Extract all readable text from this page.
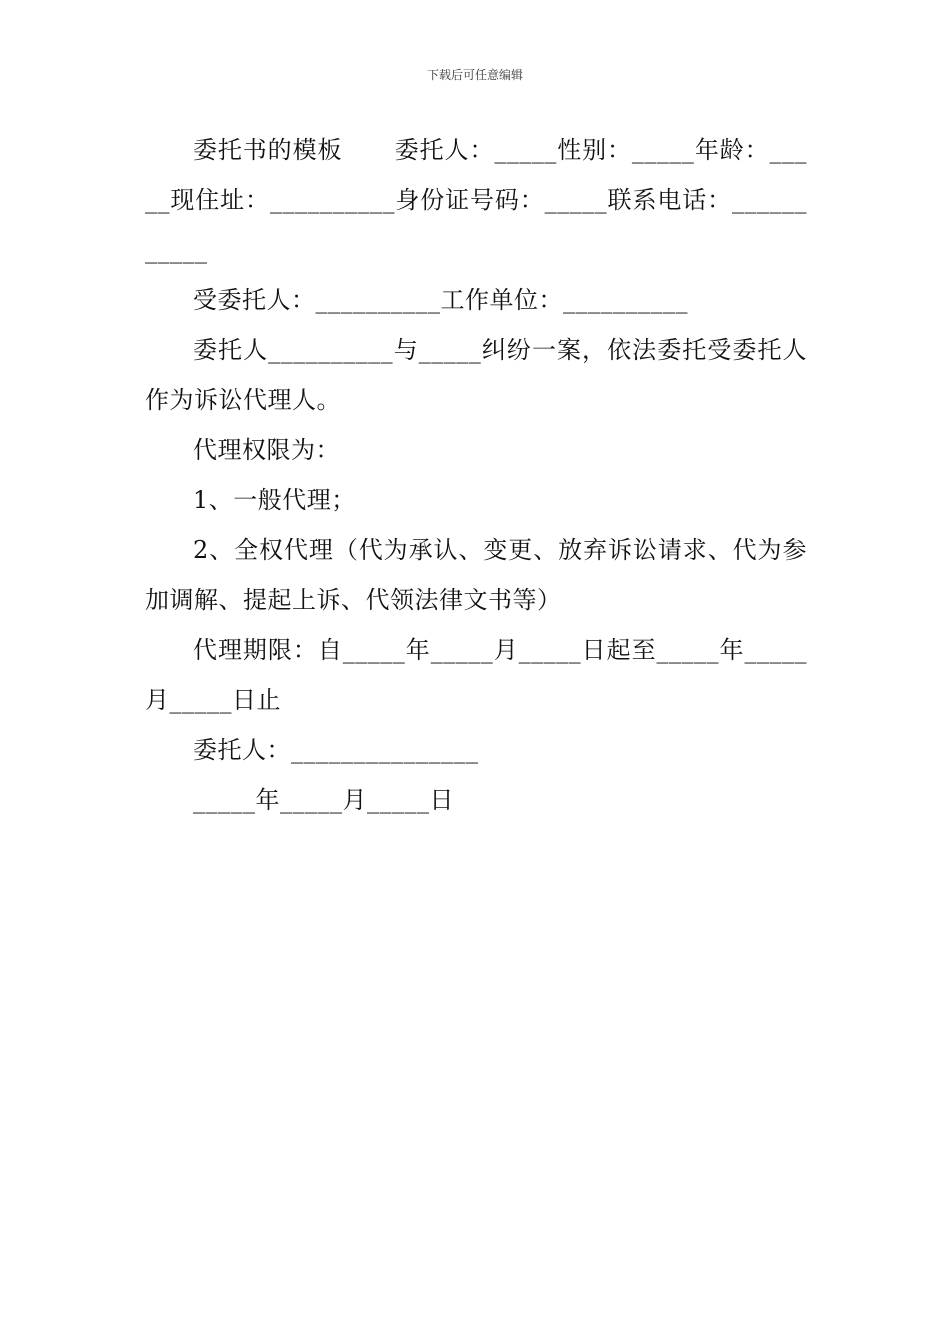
下载后可任意编辑

委托书的模板 委托人：_____性别：_____年龄：_____现住址：__________身份证号码：_____联系电话：___________

受委托人：__________工作单位：__________

委托人__________与_____纠纷一案，依法委托受委托人作为诉讼代理人。

代理权限为：

1、一般代理；

2、全权代理（代为承认、变更、放弃诉讼请求、代为参加调解、提起上诉、代领法律文书等）

代理期限：自_____年_____月_____日起至_____年_____月_____日止

委托人：_______________

_____年_____月_____日
